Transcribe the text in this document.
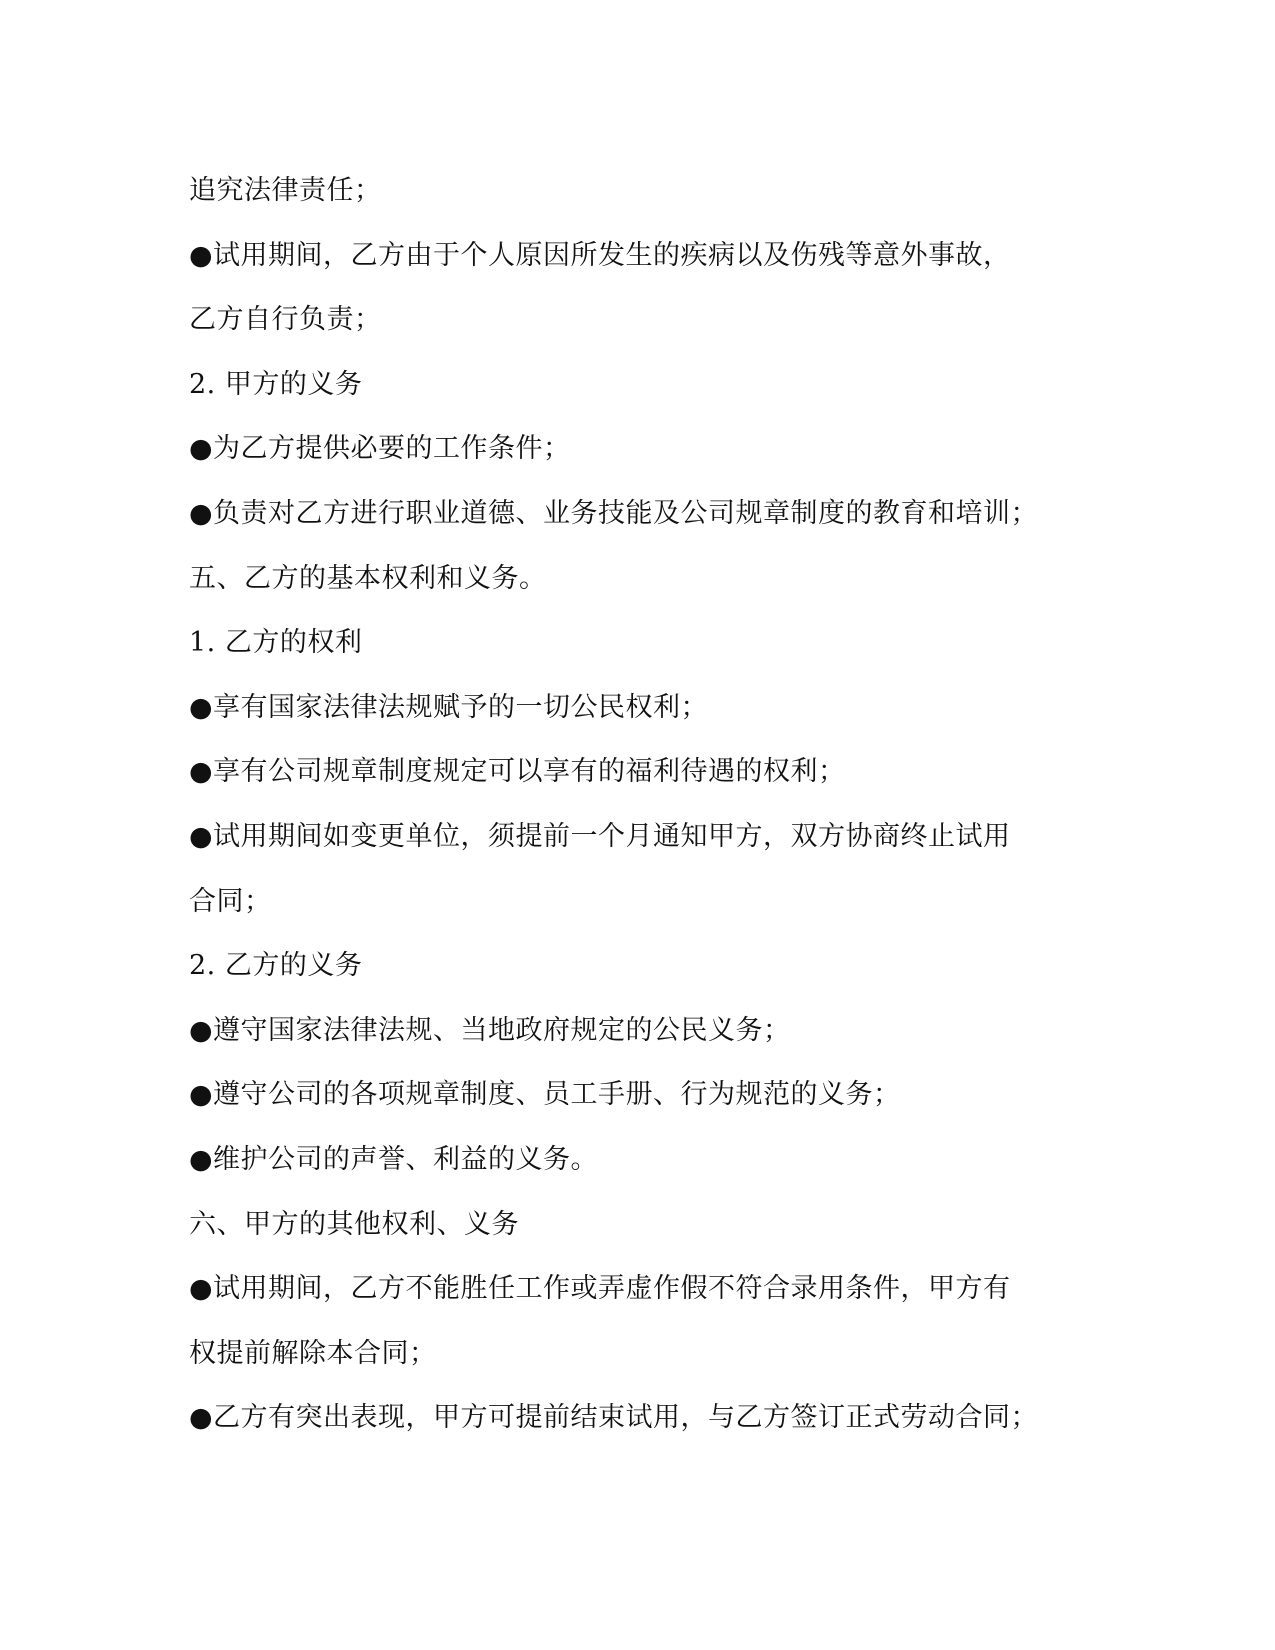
追究法律责任；
●试用期间，乙方由于个人原因所发生的疾病以及伤残等意外事故，
乙方自行负责；
2. 甲方的义务
●为乙方提供必要的工作条件；
●负责对乙方进行职业道德、业务技能及公司规章制度的教育和培训；
五、乙方的基本权利和义务。
1. 乙方的权利
●享有国家法律法规赋予的一切公民权利；
●享有公司规章制度规定可以享有的福利待遇的权利；
●试用期间如变更单位，须提前一个月通知甲方，双方协商终止试用
合同；
2. 乙方的义务
●遵守国家法律法规、当地政府规定的公民义务；
●遵守公司的各项规章制度、员工手册、行为规范的义务；
●维护公司的声誉、利益的义务。
六、甲方的其他权利、义务
●试用期间，乙方不能胜任工作或弄虚作假不符合录用条件，甲方有
权提前解除本合同；
●乙方有突出表现，甲方可提前结束试用，与乙方签订正式劳动合同；
